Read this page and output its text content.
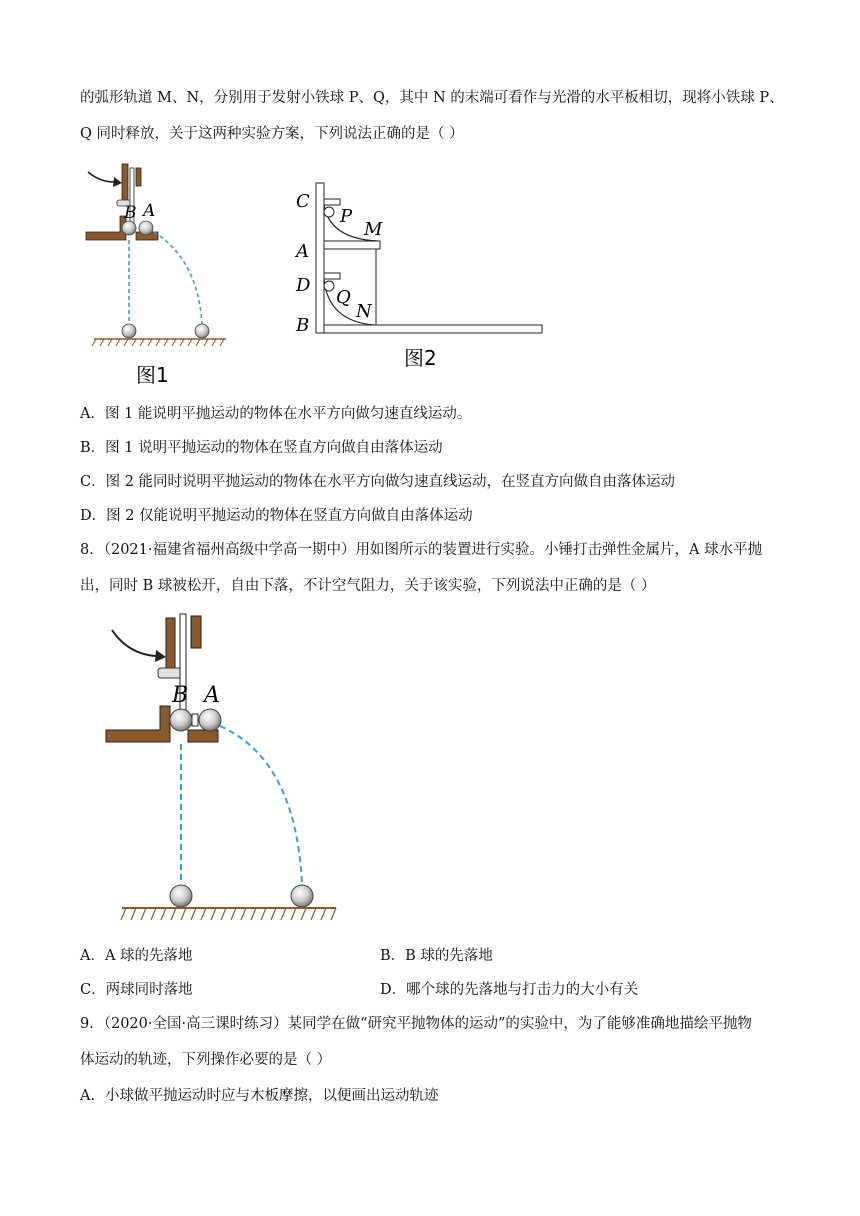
的弧形轨道 M、N，分别用于发射小铁球 P、Q，其中 N 的末端可看作与光滑的水平板相切，现将小铁球 P、
Q 同时释放，关于这两种实验方案，下列说法正确的是（ ）
B A
图1
C
P
M
A
D
Q
N
B
图2
A．图 1 能说明平抛运动的物体在水平方向做匀速直线运动。
B．图 1 说明平抛运动的物体在竖直方向做自由落体运动
C．图 2 能同时说明平抛运动的物体在水平方向做匀速直线运动，在竖直方向做自由落体运动
D．图 2 仅能说明平抛运动的物体在竖直方向做自由落体运动
8．（2021·福建省福州高级中学高一期中）用如图所示的装置进行实验。小锤打击弹性金属片，A 球水平抛
出，同时 B 球被松开，自由下落，不计空气阻力，关于该实验，下列说法中正确的是（ ）
B A
A．A 球的先落地	B．B 球的先落地
C．两球同时落地	D．哪个球的先落地与打击力的大小有关
9．（2020·全国·高三课时练习）某同学在做“研究平抛物体的运动”的实验中，为了能够准确地描绘平抛物
体运动的轨迹，下列操作必要的是（ ）
A．小球做平抛运动时应与木板摩擦，以便画出运动轨迹
